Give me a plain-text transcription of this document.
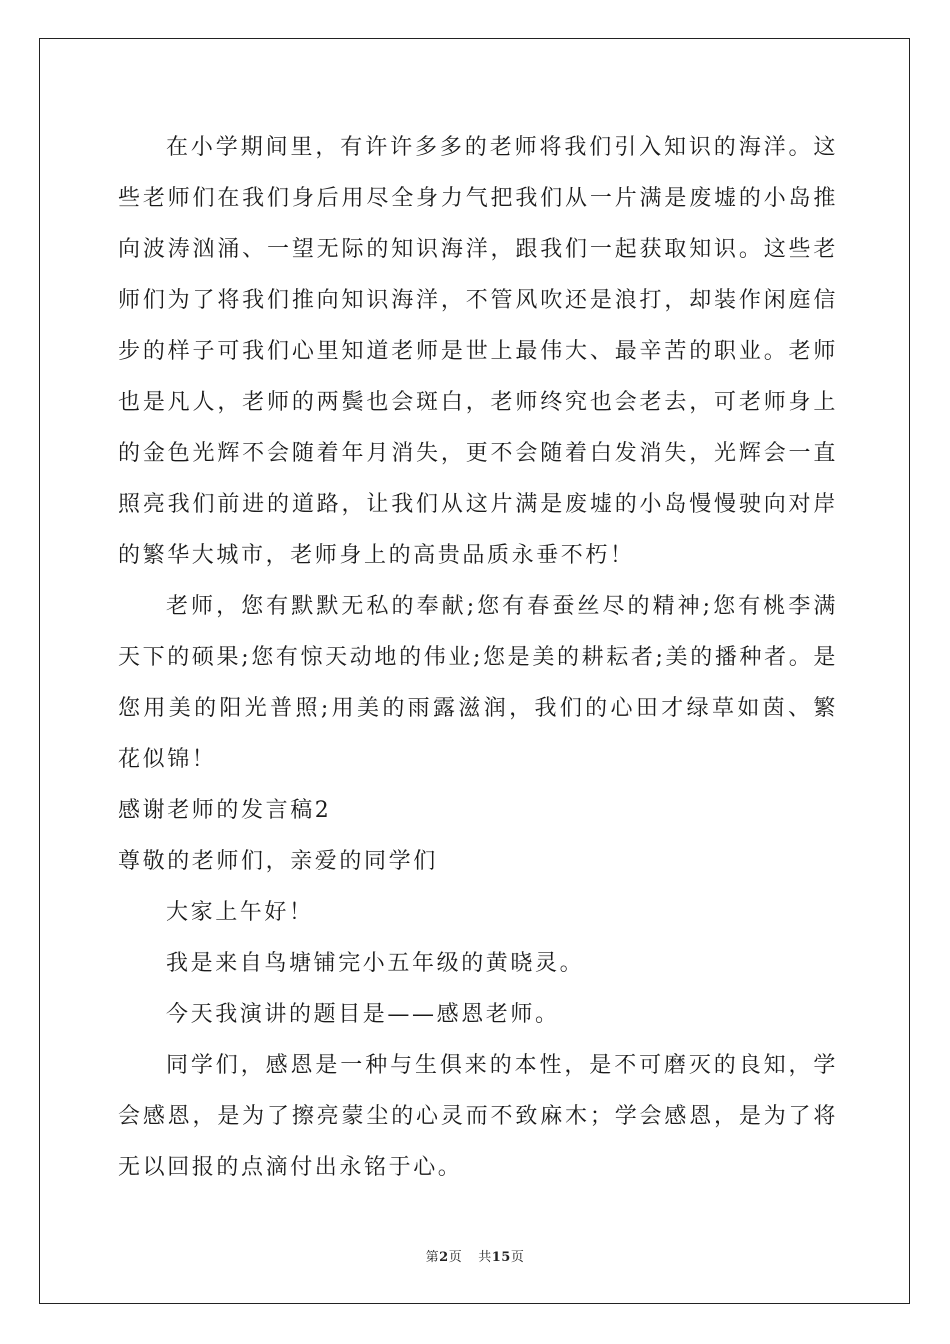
在小学期间里，有许许多多的老师将我们引入知识的海洋。这些老师们在我们身后用尽全身力气把我们从一片满是废墟的小岛推向波涛汹涌、一望无际的知识海洋，跟我们一起获取知识。这些老师们为了将我们推向知识海洋，不管风吹还是浪打，却装作闲庭信步的样子可我们心里知道老师是世上最伟大、最辛苦的职业。老师也是凡人，老师的两鬓也会斑白，老师终究也会老去，可老师身上的金色光辉不会随着年月消失，更不会随着白发消失，光辉会一直照亮我们前进的道路，让我们从这片满是废墟的小岛慢慢驶向对岸的繁华大城市，老师身上的高贵品质永垂不朽！

老师，您有默默无私的奉献;您有春蚕丝尽的精神;您有桃李满天下的硕果;您有惊天动地的伟业;您是美的耕耘者;美的播种者。是您用美的阳光普照;用美的雨露滋润，我们的心田才绿草如茵、繁花似锦！

感谢老师的发言稿2

尊敬的老师们，亲爱的同学们

大家上午好！

我是来自鸟塘铺完小五年级的黄晓灵。

今天我演讲的题目是——感恩老师。

同学们，感恩是一种与生俱来的本性，是不可磨灭的良知，学会感恩，是为了擦亮蒙尘的心灵而不致麻木；学会感恩，是为了将无以回报的点滴付出永铭于心。

第2页 共15页
